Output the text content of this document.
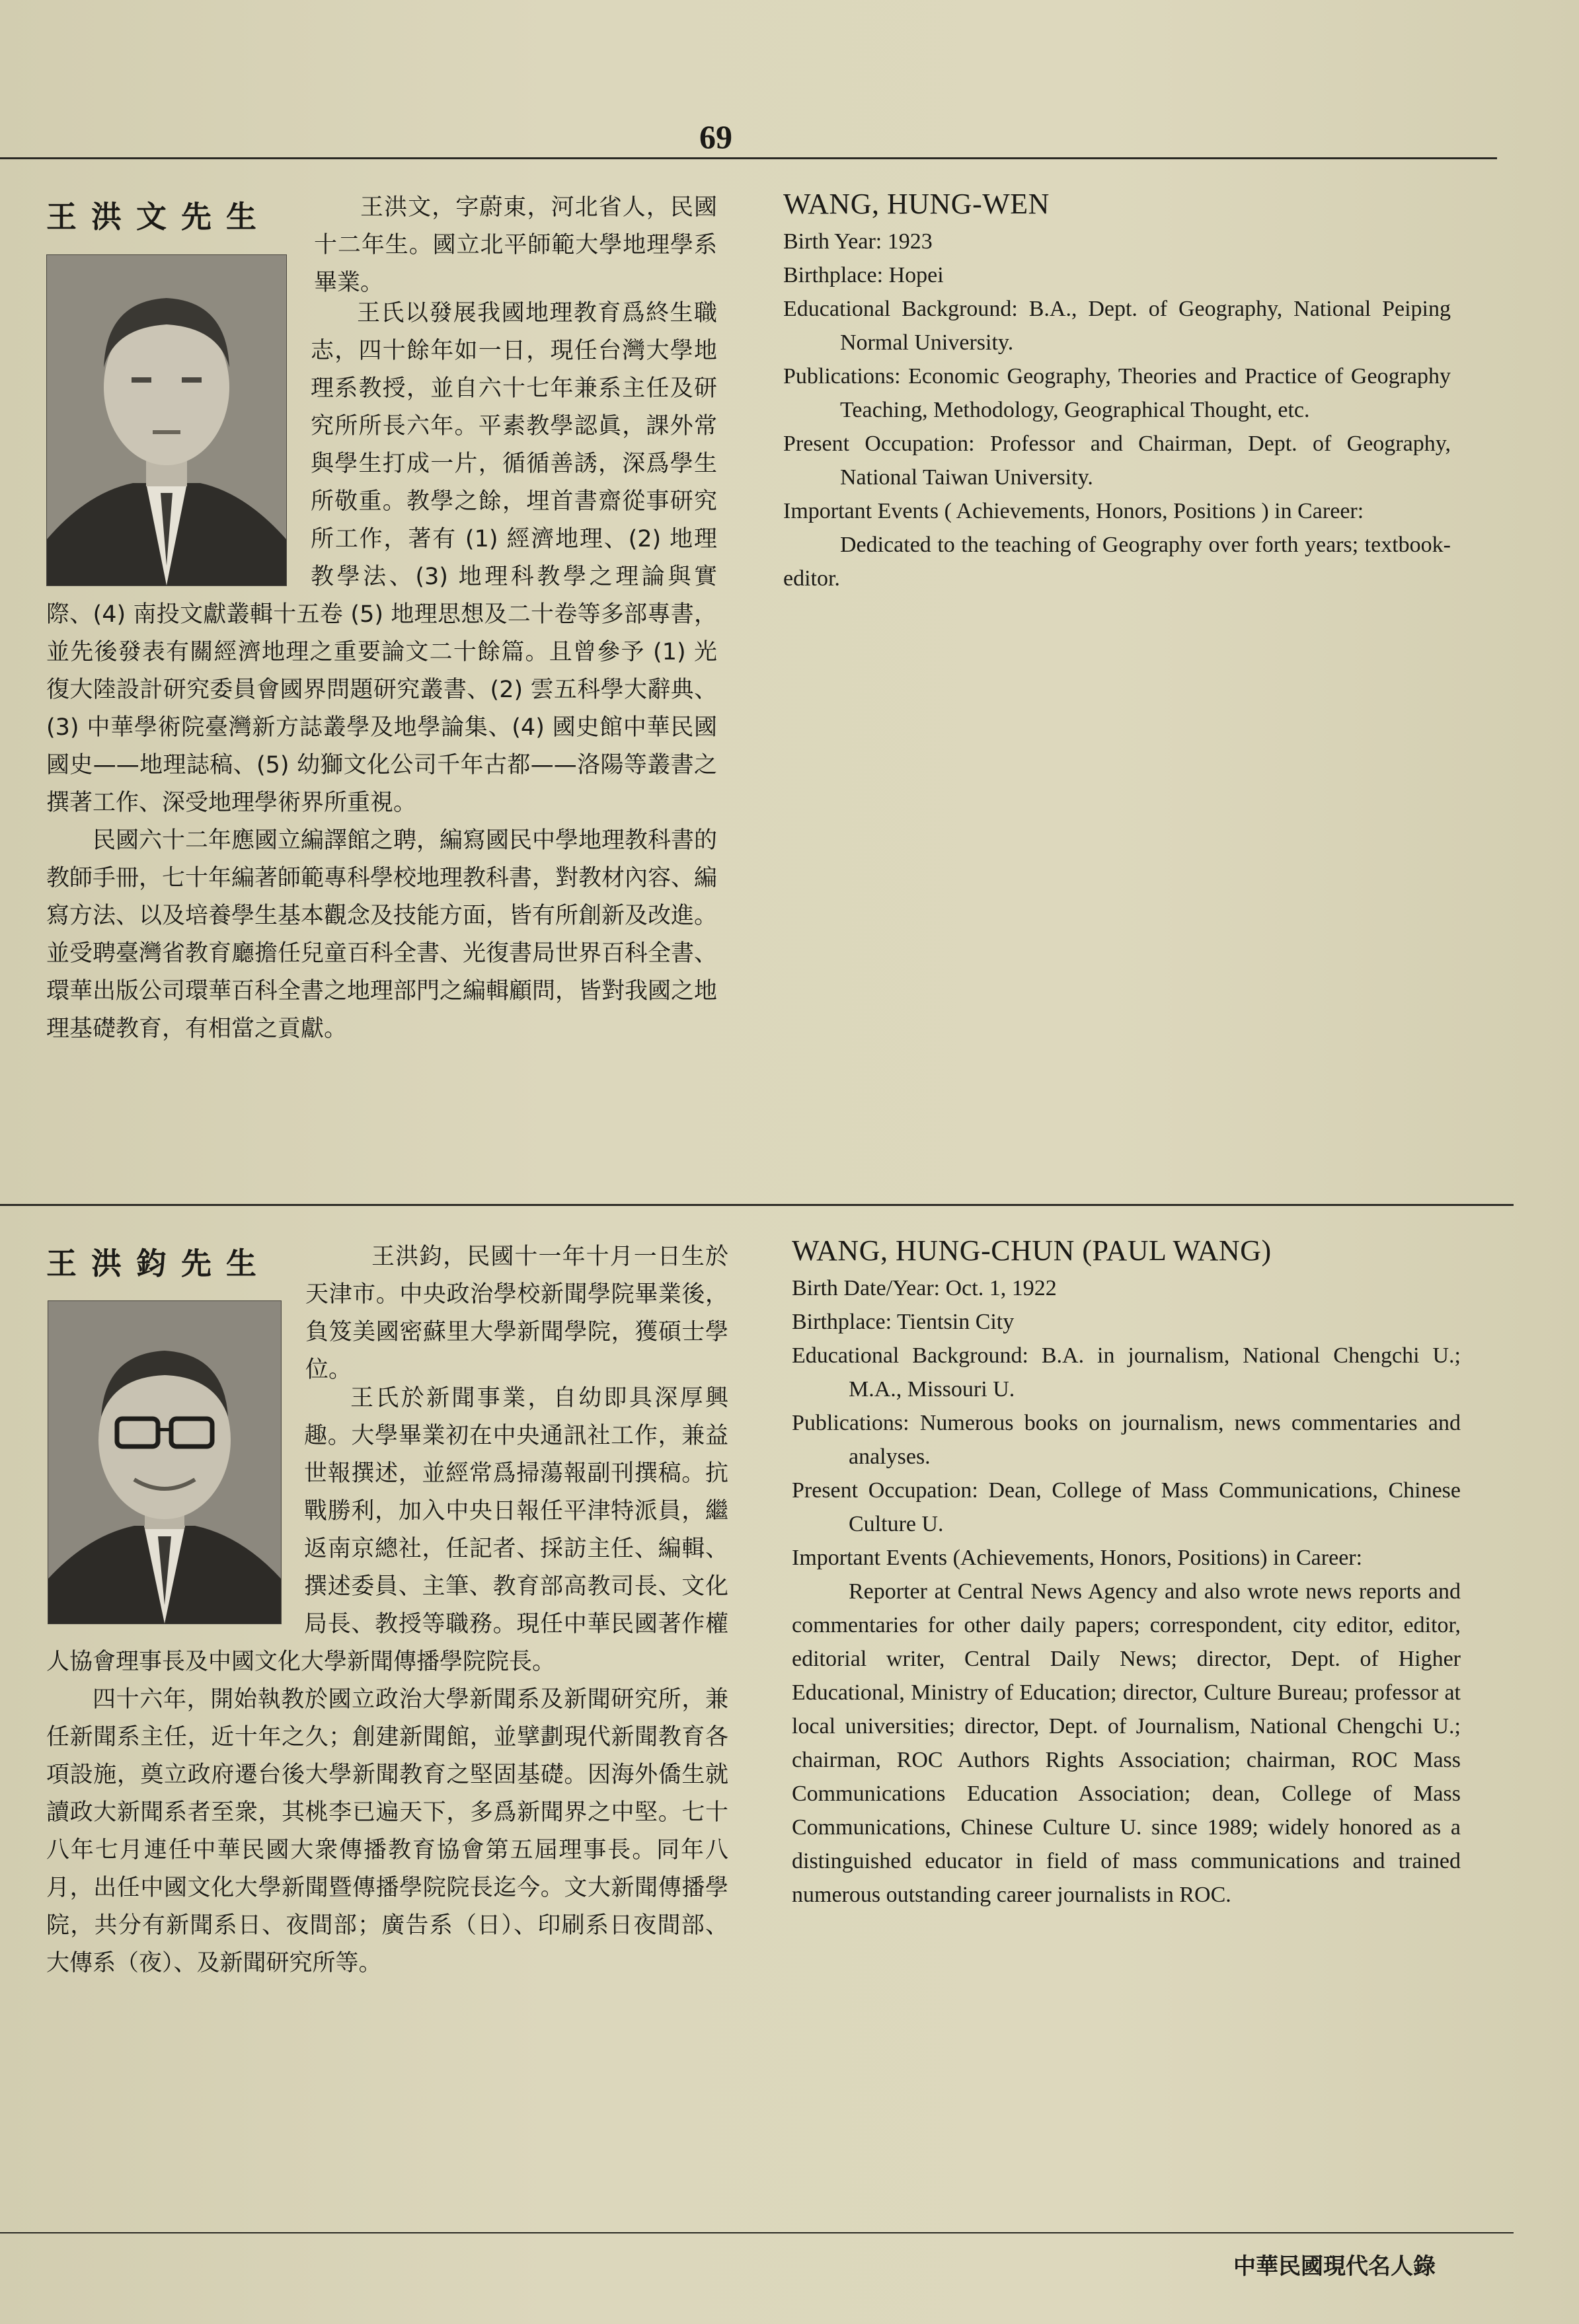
69
王洪文先生	王洪文，字蔚東，河北省人，民國十二年生。國立北平師範大學地理學系畢業。

王氏以發展我國地理教育爲終生職志，四十餘年如一日，現任台灣大學地理系教授，並自六十七年兼系主任及研究所所長六年。平素教學認眞，課外常與學生打成一片，循循善誘，深爲學生所敬重。教學之餘，埋首書齋從事研究所工作，著有 (1) 經濟地理、(2) 地理教學法、(3) 地理科教學之理論與實際、(4) 南投文獻叢輯十五卷 (5) 地理思想及二十卷等多部專書，並先後發表有關經濟地理之重要論文二十餘篇。且曾參予 (1) 光復大陸設計研究委員會國界問題研究叢書、(2) 雲五科學大辭典、(3) 中華學術院臺灣新方誌叢學及地學論集、(4) 國史館中華民國國史——地理誌稿、(5) 幼獅文化公司千年古都——洛陽等叢書之撰著工作、深受地理學術界所重視。

民國六十二年應國立編譯館之聘，編寫國民中學地理教科書的教師手冊，七十年編著師範專科學校地理教科書，對教材內容、編寫方法、以及培養學生基本觀念及技能方面，皆有所創新及改進。並受聘臺灣省教育廳擔任兒童百科全書、光復書局世界百科全書、環華出版公司環華百科全書之地理部門之編輯顧問，皆對我國之地理基礎教育，有相當之貢獻。

WANG, HUNG-WEN
Birth Year: 1923
Birthplace: Hopei
Educational Background: B.A., Dept. of Geography, National Peiping Normal University.
Publications: Economic Geography, Theories and Practice of Geography Teaching, Methodology, Geographical Thought, etc.
Present Occupation: Professor and Chairman, Dept. of Geography, National Taiwan University.
Important Events ( Achievements, Honors, Positions ) in Career:

Dedicated to the teaching of Geography over forth years; textbook-editor.

王洪鈞先生	王洪鈞，民國十一年十月一日生於天津市。中央政治學校新聞學院畢業後，負笈美國密蘇里大學新聞學院，獲碩士學位。

王氏於新聞事業，自幼即具深厚興趣。大學畢業初在中央通訊社工作，兼益世報撰述，並經常爲掃蕩報副刊撰稿。抗戰勝利，加入中央日報任平津特派員，繼返南京總社，任記者、採訪主任、編輯、撰述委員、主筆、教育部高教司長、文化局長、教授等職務。現任中華民國著作權人協會理事長及中國文化大學新聞傳播學院院長。

四十六年，開始執教於國立政治大學新聞系及新聞研究所，兼任新聞系主任，近十年之久；創建新聞館，並擘劃現代新聞教育各項設施，奠立政府遷台後大學新聞教育之堅固基礎。因海外僑生就讀政大新聞系者至衆，其桃李已遍天下，多爲新聞界之中堅。七十八年七月連任中華民國大衆傳播教育協會第五屆理事長。同年八月，出任中國文化大學新聞暨傳播學院院長迄今。文大新聞傳播學院，共分有新聞系日、夜間部；廣告系（日）、印刷系日夜間部、大傳系（夜）、及新聞研究所等。

WANG, HUNG-CHUN (PAUL WANG)
Birth Date/Year: Oct. 1, 1922
Birthplace: Tientsin City
Educational Background: B.A. in journalism, National Chengchi U.; M.A., Missouri U.
Publications: Numerous books on journalism, news commentaries and analyses.
Present Occupation: Dean, College of Mass Communications, Chinese Culture U.
Important Events (Achievements, Honors, Positions) in Career:

Reporter at Central News Agency and also wrote news reports and commentaries for other daily papers; correspondent, city editor, editor, editorial writer, Central Daily News; director, Dept. of Higher Educational, Ministry of Education; director, Culture Bureau; professor at local universities; director, Dept. of Journalism, National Chengchi U.; chairman, ROC Authors Rights Association; chairman, ROC Mass Communications Education Association; dean, College of Mass Communications, Chinese Culture U. since 1989; widely honored as a distinguished educator in field of mass communications and trained numerous outstanding career journalists in ROC.

中華民國現代名人錄
